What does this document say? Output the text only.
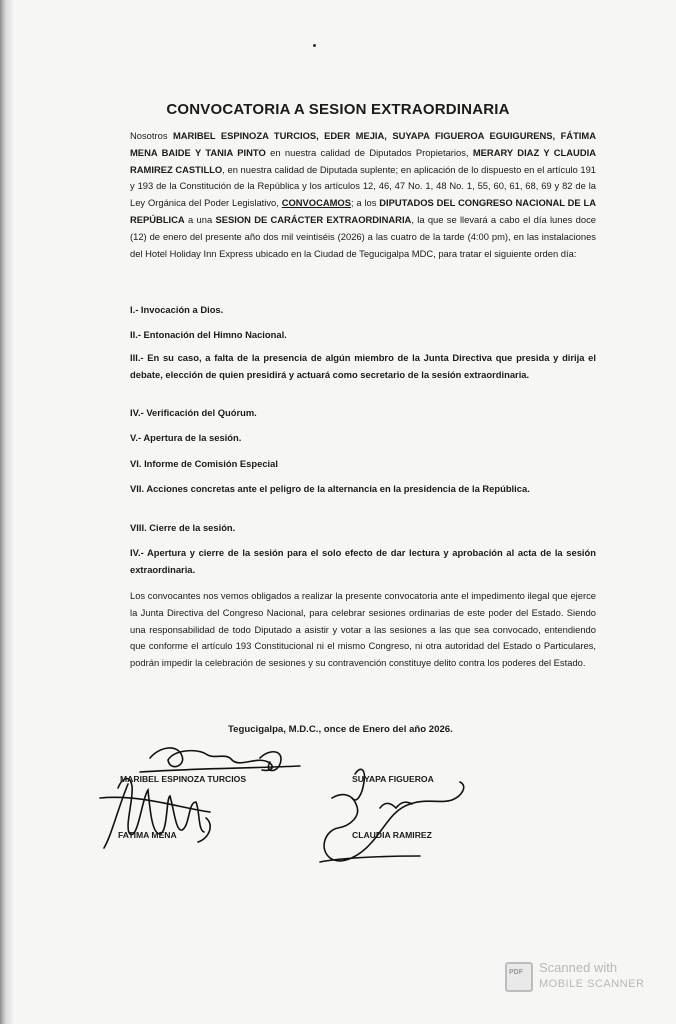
CONVOCATORIA A SESION EXTRAORDINARIA

Nosotros MARIBEL ESPINOZA TURCIOS, EDER MEJIA, SUYAPA FIGUEROA EGUIGURENS, FÁTIMA MENA BAIDE Y TANIA PINTO en nuestra calidad de Diputados Propietarios, MERARY DIAZ Y CLAUDIA RAMIREZ CASTILLO, en nuestra calidad de Diputada suplente; en aplicación de lo dispuesto en el artículo 191 y 193 de la Constitución de la República y los artículos 12, 46, 47 No. 1, 48 No. 1, 55, 60, 61, 68, 69 y 82 de la Ley Orgánica del Poder Legislativo, CONVOCAMOS; a los DIPUTADOS DEL CONGRESO NACIONAL DE LA REPÚBLICA a una SESION DE CARÁCTER EXTRAORDINARIA, la que se llevará a cabo el día lunes doce (12) de enero del presente año dos mil veintiséis (2026) a las cuatro de la tarde (4:00 pm), en las instalaciones del Hotel Holiday Inn Express ubicado en la Ciudad de Tegucigalpa MDC, para tratar el siguiente orden día:

I.- Invocación a Dios.

II.- Entonación del Himno Nacional.

III.- En su caso, a falta de la presencia de algún miembro de la Junta Directiva que presida y dirija el debate, elección de quien presidirá y actuará como secretario de la sesión extraordinaria.

IV.- Verificación del Quórum.

V.- Apertura de la sesión.

VI. Informe de Comisión Especial

VII. Acciones concretas ante el peligro de la alternancia en la presidencia de la República.

VIII. Cierre de la sesión.

IV.- Apertura y cierre de la sesión para el solo efecto de dar lectura y aprobación al acta de la sesión extraordinaria.

Los convocantes nos vemos obligados a realizar la presente convocatoria ante el impedimento ilegal que ejerce la Junta Directiva del Congreso Nacional, para celebrar sesiones ordinarias de este poder del Estado. Siendo una responsabilidad de todo Diputado a asistir y votar a las sesiones a las que sea convocado, entendiendo que conforme el artículo 193 Constitucional ni el mismo Congreso, ni otra autoridad del Estado o Particulares, podrán impedir la celebración de sesiones y su contravención constituye delito contra los poderes del Estado.

Tegucigalpa, M.D.C., once de Enero del año 2026.
MARIBEL ESPINOZA TURCIOS	SUYAPA FIGUEROA
FATIMA MENA	CLAUDIA RAMIREZ
PDF Scanned with
MOBILE SCANNER
